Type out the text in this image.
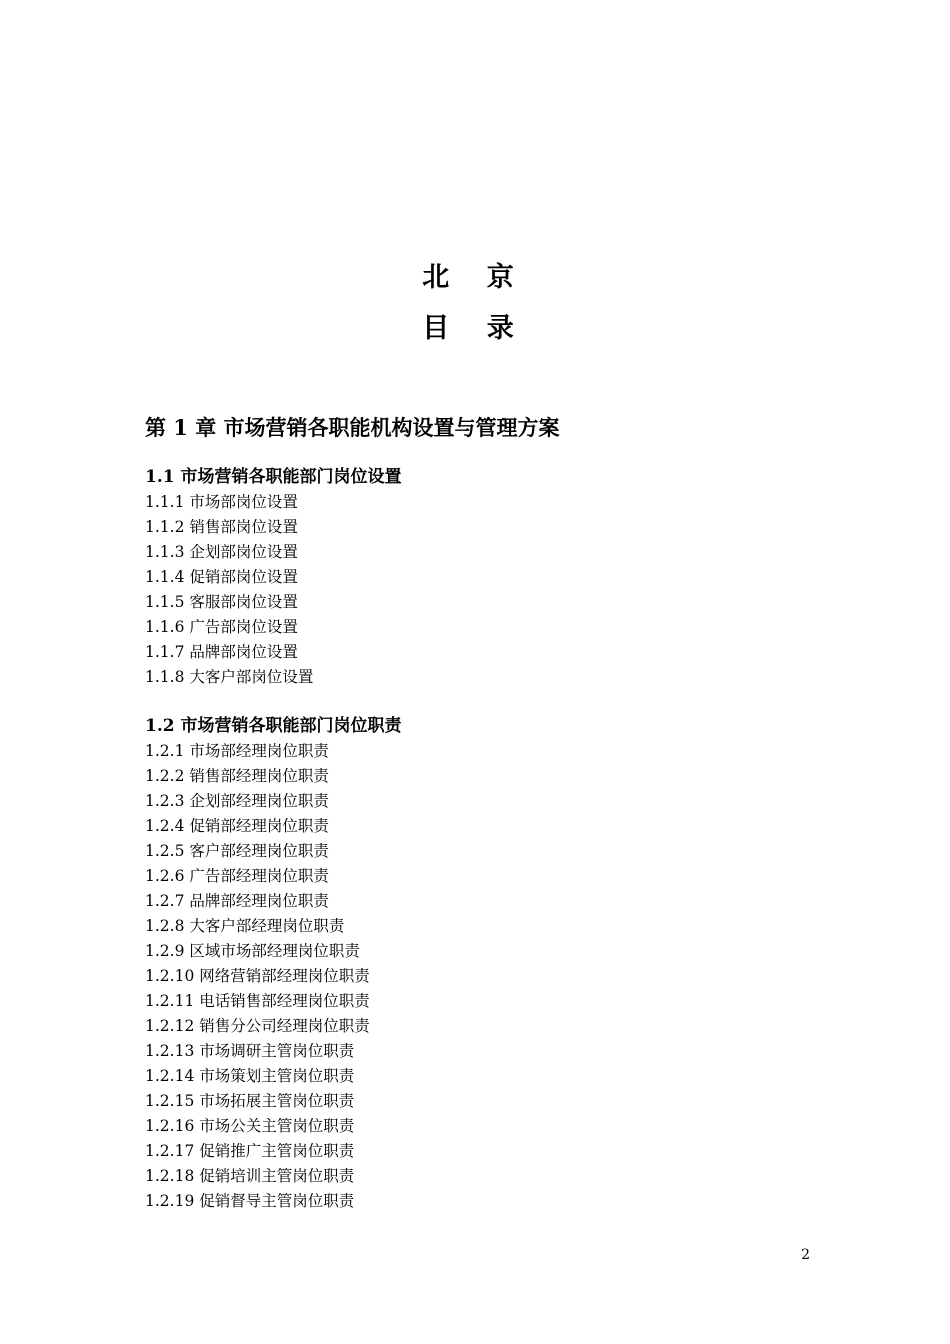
北 京
目 录
第 1 章 市场营销各职能机构设置与管理方案
1.1 市场营销各职能部门岗位设置
1.1.1 市场部岗位设置
1.1.2 销售部岗位设置
1.1.3 企划部岗位设置
1.1.4 促销部岗位设置
1.1.5 客服部岗位设置
1.1.6 广告部岗位设置
1.1.7 品牌部岗位设置
1.1.8 大客户部岗位设置
1.2 市场营销各职能部门岗位职责
1.2.1 市场部经理岗位职责
1.2.2 销售部经理岗位职责
1.2.3 企划部经理岗位职责
1.2.4 促销部经理岗位职责
1.2.5 客户部经理岗位职责
1.2.6 广告部经理岗位职责
1.2.7 品牌部经理岗位职责
1.2.8 大客户部经理岗位职责
1.2.9 区域市场部经理岗位职责
1.2.10 网络营销部经理岗位职责
1.2.11 电话销售部经理岗位职责
1.2.12 销售分公司经理岗位职责
1.2.13 市场调研主管岗位职责
1.2.14 市场策划主管岗位职责
1.2.15 市场拓展主管岗位职责
1.2.16 市场公关主管岗位职责
1.2.17 促销推广主管岗位职责
1.2.18 促销培训主管岗位职责
1.2.19 促销督导主管岗位职责
2
